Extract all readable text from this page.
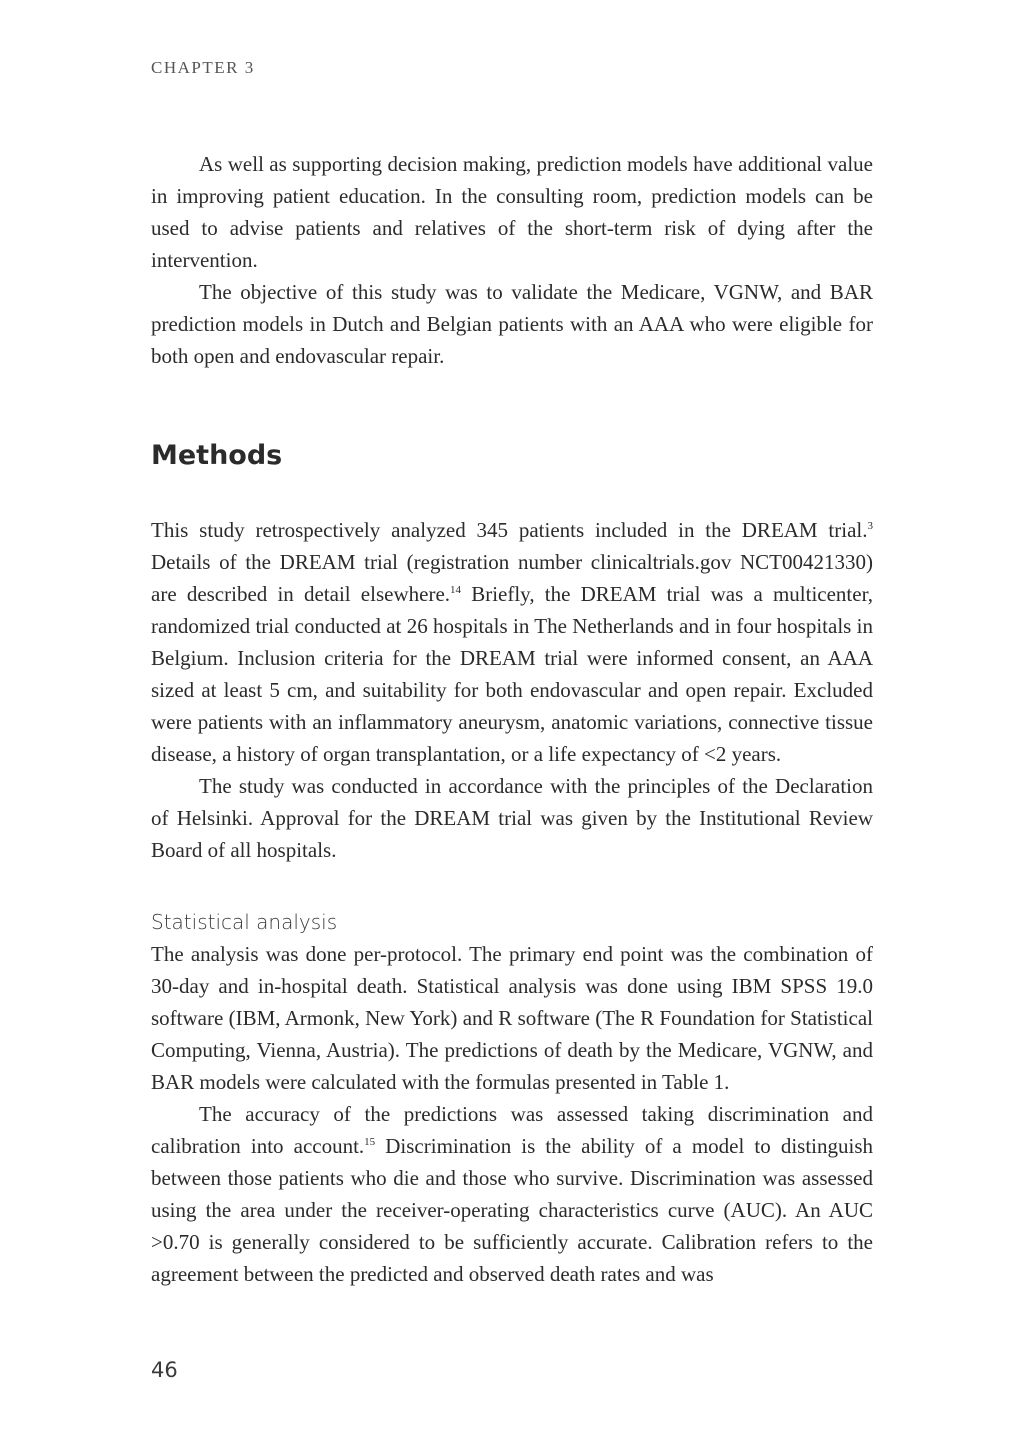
CHAPTER 3

As well as supporting decision making, prediction models have additional value in improving patient education. In the consulting room, prediction models can be used to advise patients and relatives of the short-term risk of dying after the intervention.

The objective of this study was to validate the Medicare, VGNW, and BAR prediction models in Dutch and Belgian patients with an AAA who were eligible for both open and endovascular repair.

Methods

This study retrospectively analyzed 345 patients included in the DREAM trial.$^3$ Details of the DREAM trial (registration number clinicaltrials.gov NCT00421330) are described in detail elsewhere.$^{14}$ Briefly, the DREAM trial was a multicenter, randomized trial conducted at 26 hospitals in The Netherlands and in four hospitals in Belgium. Inclusion criteria for the DREAM trial were informed consent, an AAA sized at least 5 cm, and suitability for both endovascular and open repair. Excluded were patients with an inflammatory aneurysm, anatomic variations, connective tissue disease, a history of organ transplantation, or a life expectancy of <2 years.

The study was conducted in accordance with the principles of the Declaration of Helsinki. Approval for the DREAM trial was given by the Institutional Review Board of all hospitals.

Statistical analysis

The analysis was done per-protocol. The primary end point was the combination of 30-day and in-hospital death. Statistical analysis was done using IBM SPSS 19.0 software (IBM, Armonk, New York) and R software (The R Foundation for Statistical Computing, Vienna, Austria). The predictions of death by the Medicare, VGNW, and BAR models were calculated with the formulas presented in Table 1.

The accuracy of the predictions was assessed taking discrimination and calibration into account.$^{15}$ Discrimination is the ability of a model to distinguish between those patients who die and those who survive. Discrimination was assessed using the area under the receiver-operating characteristics curve (AUC). An AUC >0.70 is generally considered to be sufficiently accurate. Calibration refers to the agreement between the predicted and observed death rates and was

46
